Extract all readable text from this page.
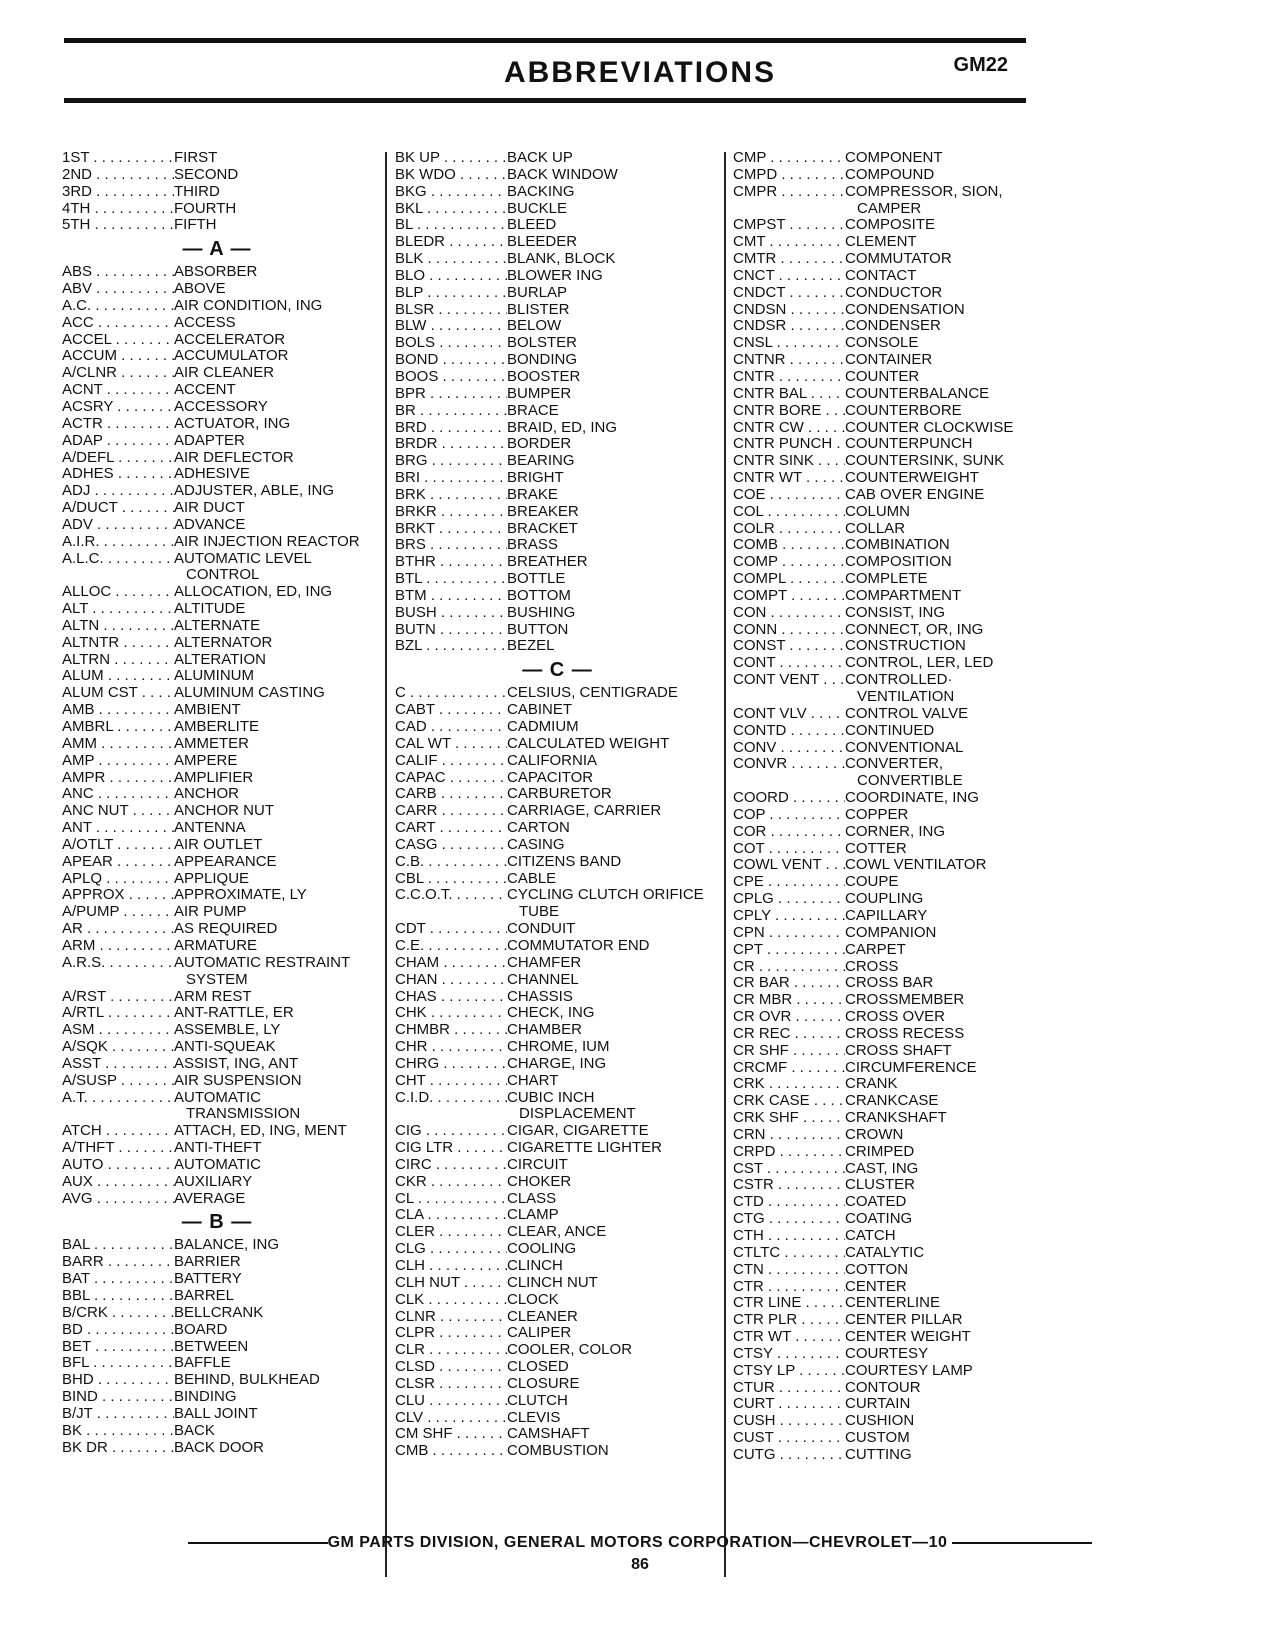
ABBREVIATIONS	GM22
1ST . . .	FIRST
2ND . . .	SECOND
3RD . . .	THIRD
4TH . . .	FOURTH
5TH . . .	FIFTH
— A —
ABS . . .	ABSORBER
ABV . . .	ABOVE
A.C. . . .	AIR CONDITION, ING
ACC . . .	ACCESS
ACCEL . . .	ACCELERATOR
ACCUM . . .	ACCUMULATOR
A/CLNR . . .	AIR CLEANER
ACNT . . .	ACCENT
ACSRY . . .	ACCESSORY
ACTR . . .	ACTUATOR, ING
ADAP . . .	ADAPTER
A/DEFL . . .	AIR DEFLECTOR
ADHES . . .	ADHESIVE
ADJ . . .	ADJUSTER, ABLE, ING
A/DUCT . . .	AIR DUCT
ADV . . .	ADVANCE
A.I.R. . . .	AIR INJECTION REACTOR
A.L.C. . . .	AUTOMATIC LEVEL
CONTROL
ALLOC . . .	ALLOCATION, ED, ING
ALT . . .	ALTITUDE
ALTN . . .	ALTERNATE
ALTNTR . . .	ALTERNATOR
ALTRN . . .	ALTERATION
ALUM . . .	ALUMINUM
ALUM CST . . .	ALUMINUM CASTING
AMB . . .	AMBIENT
AMBRL . . .	AMBERLITE
AMM . . .	AMMETER
AMP . . .	AMPERE
AMPR . . .	AMPLIFIER
ANC . . .	ANCHOR
ANC NUT . . .	ANCHOR NUT
ANT . . .	ANTENNA
A/OTLT . . .	AIR OUTLET
APEAR . . .	APPEARANCE
APLQ . . .	APPLIQUE
APPROX . . .	APPROXIMATE, LY
A/PUMP . . .	AIR PUMP
AR . . .	AS REQUIRED
ARM . . .	ARMATURE
A.R.S. . . .	AUTOMATIC RESTRAINT
SYSTEM
A/RST . . .	ARM REST
A/RTL . . .	ANT-RATTLE, ER
ASM . . .	ASSEMBLE, LY
A/SQK . . .	ANTI-SQUEAK
ASST . . .	ASSIST, ING, ANT
A/SUSP . . .	AIR SUSPENSION
A.T. . . .	AUTOMATIC
TRANSMISSION
ATCH . . .	ATTACH, ED, ING, MENT
A/THFT . . .	ANTI-THEFT
AUTO . . .	AUTOMATIC
AUX . . .	AUXILIARY
AVG . . .	AVERAGE
— B —
BAL . . .	BALANCE, ING
BARR . . .	BARRIER
BAT . . .	BATTERY
BBL . . .	BARREL
B/CRK . . .	BELLCRANK
BD . . .	BOARD
BET . . .	BETWEEN
BFL . . .	BAFFLE
BHD . . .	BEHIND, BULKHEAD
BIND . . .	BINDING
B/JT . . .	BALL JOINT
BK . . .	BACK
BK DR . . .	BACK DOOR
BK UP . . .	BACK UP
BK WDO . . .	BACK WINDOW
BKG . . .	BACKING
BKL . . .	BUCKLE
BL . . .	BLEED
BLEDR . . .	BLEEDER
BLK . . .	BLANK, BLOCK
BLO . . .	BLOWER ING
BLP . . .	BURLAP
BLSR . . .	BLISTER
BLW . . .	BELOW
BOLS . . .	BOLSTER
BOND . . .	BONDING
BOOS . . .	BOOSTER
BPR . . .	BUMPER
BR . . .	BRACE
BRD . . .	BRAID, ED, ING
BRDR . . .	BORDER
BRG . . .	BEARING
BRI . . .	BRIGHT
BRK . . .	BRAKE
BRKR . . .	BREAKER
BRKT . . .	BRACKET
BRS . . .	BRASS
BTHR . . .	BREATHER
BTL . . .	BOTTLE
BTM . . .	BOTTOM
BUSH . . .	BUSHING
BUTN . . .	BUTTON
BZL . . .	BEZEL
— C —
C . . .	CELSIUS, CENTIGRADE
CABT . . .	CABINET
CAD . . .	CADMIUM
CAL WT . . .	CALCULATED WEIGHT
CALIF . . .	CALIFORNIA
CAPAC . . .	CAPACITOR
CARB . . .	CARBURETOR
CARR . . .	CARRIAGE, CARRIER
CART . . .	CARTON
CASG . . .	CASING
C.B. . . .	CITIZENS BAND
CBL . . .	CABLE
C.C.O.T. . . .	CYCLING CLUTCH ORIFICE
TUBE
CDT . . .	CONDUIT
C.E. . . .	COMMUTATOR END
CHAM . . .	CHAMFER
CHAN . . .	CHANNEL
CHAS . . .	CHASSIS
CHK . . .	CHECK, ING
CHMBR . . .	CHAMBER
CHR . . .	CHROME, IUM
CHRG . . .	CHARGE, ING
CHT . . .	CHART
C.I.D. . . .	CUBIC INCH
DISPLACEMENT
CIG . . .	CIGAR, CIGARETTE
CIG LTR . . .	CIGARETTE LIGHTER
CIRC . . .	CIRCUIT
CKR . . .	CHOKER
CL . . .	CLASS
CLA . . .	CLAMP
CLER . . .	CLEAR, ANCE
CLG . . .	COOLING
CLH . . .	CLINCH
CLH NUT . . .	CLINCH NUT
CLK . . .	CLOCK
CLNR . . .	CLEANER
CLPR . . .	CALIPER
CLR . . .	COOLER, COLOR
CLSD . . .	CLOSED
CLSR . . .	CLOSURE
CLU . . .	CLUTCH
CLV . . .	CLEVIS
CM SHF . . .	CAMSHAFT
CMB . . .	COMBUSTION
CMP . . .	COMPONENT
CMPD . . .	COMPOUND
CMPR . . .	COMPRESSOR, SION,
CAMPER
CMPST . . .	COMPOSITE
CMT . . .	CLEMENT
CMTR . . .	COMMUTATOR
CNCT . . .	CONTACT
CNDCT . . .	CONDUCTOR
CNDSN . . .	CONDENSATION
CNDSR . . .	CONDENSER
CNSL . . .	CONSOLE
CNTNR . . .	CONTAINER
CNTR . . .	COUNTER
CNTR BAL . . .	COUNTERBALANCE
CNTR BORE . . .	COUNTERBORE
CNTR CW . . .	COUNTER CLOCKWISE
CNTR PUNCH . . . COUNTERPUNCH
CNTR SINK . . .	COUNTERSINK, SUNK
CNTR WT . . .	COUNTERWEIGHT
COE . . .	CAB OVER ENGINE
COL . . .	COLUMN
COLR . . .	COLLAR
COMB . . .	COMBINATION
COMP . . .	COMPOSITION
COMPL . . .	COMPLETE
COMPT . . .	COMPARTMENT
CON . . .	CONSIST, ING
CONN . . .	CONNECT, OR, ING
CONST . . .	CONSTRUCTION
CONT . . .	CONTROL, LER, LED
CONT VENT . . .	CONTROLLED·
VENTILATION
CONT VLV . . .	CONTROL VALVE
CONTD . . .	CONTINUED
CONV . . .	CONVENTIONAL
CONVR . . .	CONVERTER,
CONVERTIBLE
COORD . . .	COORDINATE, ING
COP . . .	COPPER
COR . . .	CORNER, ING
COT . . .	COTTER
COWL VENT . . .	COWL VENTILATOR
CPE . . .	COUPE
CPLG . . .	COUPLING
CPLY . . .	CAPILLARY
CPN . . .	COMPANION
CPT . . .	CARPET
CR . . .	CROSS
CR BAR . . .	CROSS BAR
CR MBR . . .	CROSSMEMBER
CR OVR . . .	CROSS OVER
CR REC . . .	CROSS RECESS
CR SHF . . .	CROSS SHAFT
CRCMF . . .	CIRCUMFERENCE
CRK . . .	CRANK
CRK CASE . . .	CRANKCASE
CRK SHF . . .	CRANKSHAFT
CRN . . .	CROWN
CRPD . . .	CRIMPED
CST . . .	CAST, ING
CSTR . . .	CLUSTER
CTD . . .	COATED
CTG . . .	COATING
CTH . . .	CATCH
CTLTC . . .	CATALYTIC
CTN . . .	COTTON
CTR . . .	CENTER
CTR LINE . . .	CENTERLINE
CTR PLR . . .	CENTER PILLAR
CTR WT . . .	CENTER WEIGHT
CTSY . . .	COURTESY
CTSY LP . . .	COURTESY LAMP
CTUR . . .	CONTOUR
CURT . . .	CURTAIN
CUSH . . .	CUSHION
CUST . . .	CUSTOM
CUTG . . .	CUTTING
GM PARTS DIVISION, GENERAL MOTORS CORPORATION—CHEVROLET—10
86
